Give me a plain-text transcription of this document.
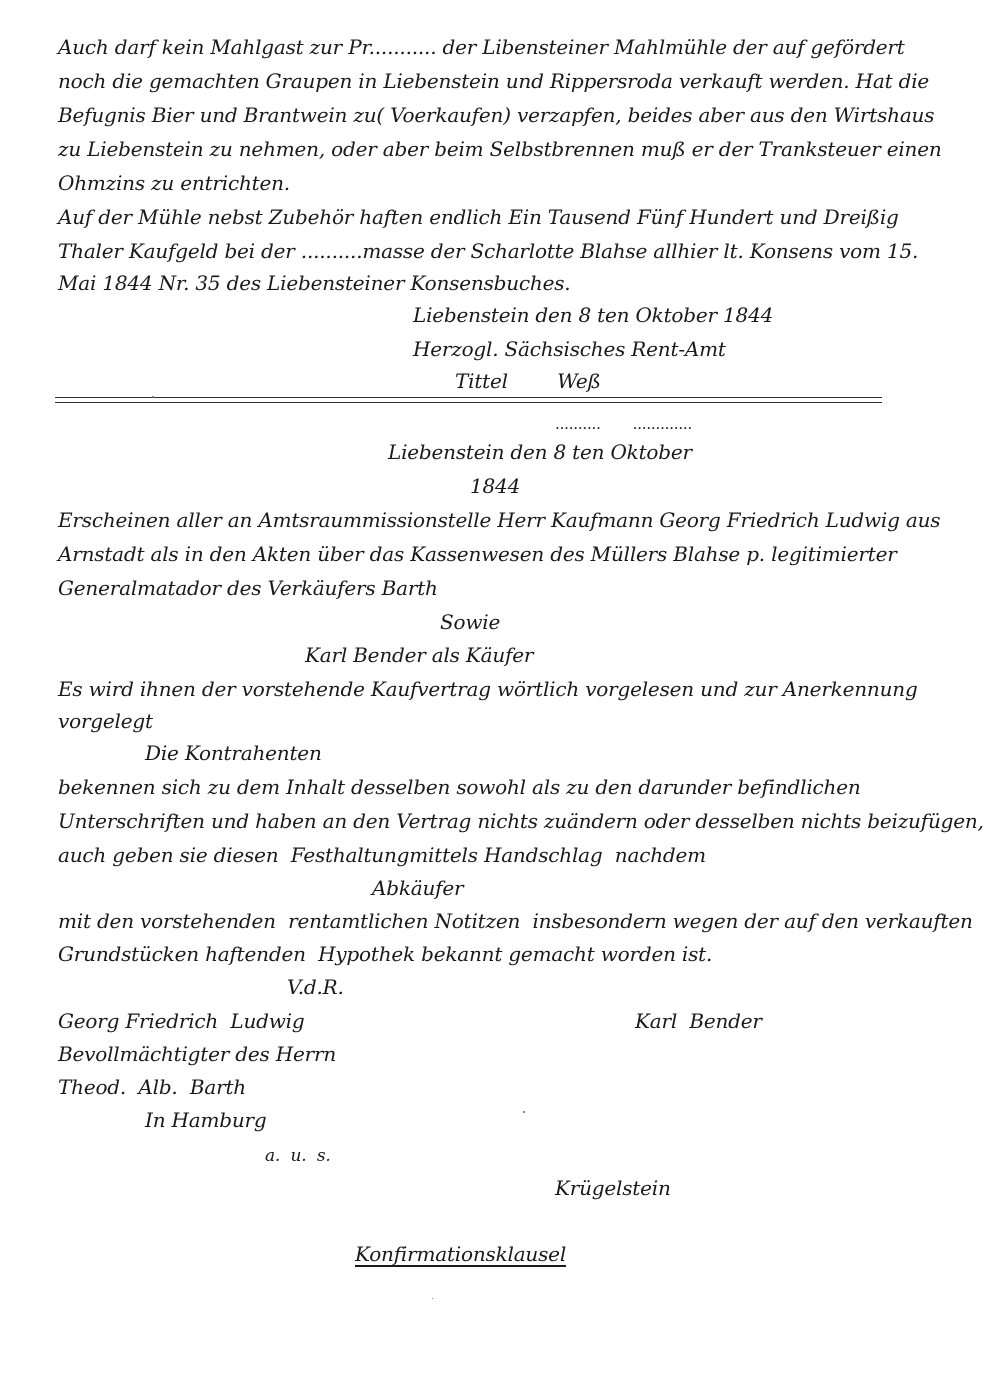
Auch darf kein Mahlgast zur Pr........... der Libensteiner Mahlmühle der auf gefördert
noch die gemachten Graupen in Liebenstein und Rippersroda verkauft werden. Hat die
Befugnis Bier und Brantwein zu( Voerkaufen) verzapfen, beides aber aus den Wirtshaus
zu Liebenstein zu nehmen, oder aber beim Selbstbrennen muß er der Tranksteuer einen
Ohmzins zu entrichten.
Auf der Mühle nebst Zubehör haften endlich Ein Tausend Fünf Hundert und Dreißig
Thaler Kaufgeld bei der ..........masse der Scharlotte Blahse allhier lt. Konsens vom 15.
Mai 1844 Nr. 35 des Liebensteiner Konsensbuches.
Liebenstein den 8 ten Oktober 1844
Herzogl. Sächsisches Rent-Amt
Tittel        Weß
..........       .............
Liebenstein den 8 ten Oktober
1844
Erscheinen aller an Amtsraummissionstelle Herr Kaufmann Georg Friedrich Ludwig aus
Arnstadt als in den Akten über das Kassenwesen des Müllers Blahse p. legitimierter
Generalmatador des Verkäufers Barth
Sowie
Karl Bender als Käufer
Es wird ihnen der vorstehende Kaufvertrag wörtlich vorgelesen und zur Anerkennung
vorgelegt
Die Kontrahenten
bekennen sich zu dem Inhalt desselben sowohl als zu den darunder befindlichen
Unterschriften und haben an den Vertrag nichts zuändern oder desselben nichts beizufügen,
auch geben sie diesen  Festhaltungmittels Handschlag  nachdem
Abkäufer
mit den vorstehenden  rentamtlichen Notitzen  insbesondern wegen der auf den verkauften
Grundstücken haftenden  Hypothek bekannt gemacht worden ist.
V.d.R.
Georg Friedrich  Ludwig
Bevollmächtigter des Herrn
Theod.  Alb.  Barth
In Hamburg
Karl  Bender
a.  u.  s.
Krügelstein
Konfirmationsklausel
